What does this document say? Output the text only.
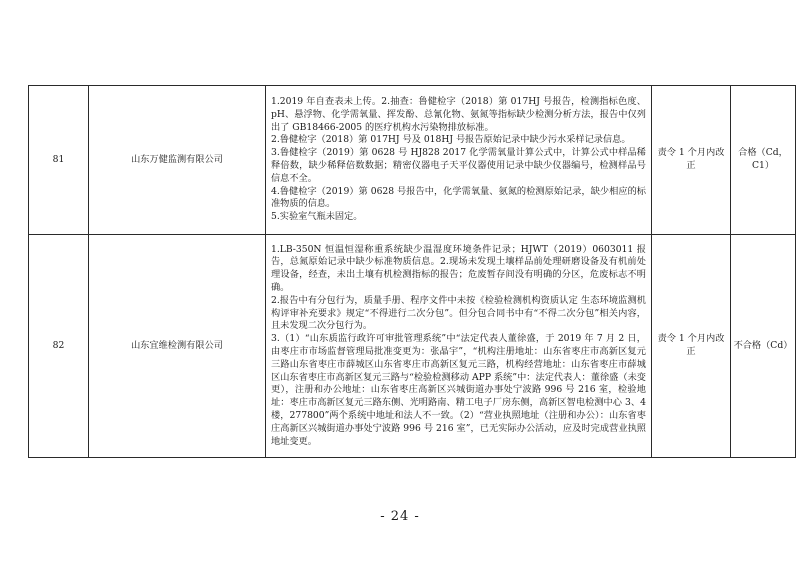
81	山东万健监测有限公司	1.2019 年自查表未上传。2.抽查：鲁健检字（2018）第 017HJ 号报告，检测指标色度、pH、悬浮物、化学需氧量、挥发酚、总氰化物、氨氮等指标缺少检测分析方法，报告中仅列出了 GB18466-2005 的医疗机构水污染物排放标准。
2.鲁健检字（2018）第 017HJ 号及 018HJ 号报告原始记录中缺少污水采样记录信息。
3.鲁健检字（2019）第 0628 号 HJ828 2017 化学需氧量计算公式中，计算公式中样品稀释倍数，缺少稀释倍数数据；精密仪器电子天平仪器使用记录中缺少仪器编号，检测样品号信息不全。
4.鲁健检字（2019）第 0628 号报告中，化学需氧量、氨氮的检测原始记录，缺少相应的标准物质的信息。
5.实验室气瓶未固定。	责令 1 个月内改正	合格（Cd，C1）
82	山东宜维检测有限公司	1.LB-350N 恒温恒湿称重系统缺少温湿度环境条件记录；HJWT（2019）0603011 报告，总氮原始记录中缺少标准物质信息。2.现场未发现土壤样品前处理研磨设备及有机前处理设备，经查，未出土壤有机检测指标的报告；危废暂存间没有明确的分区，危废标志不明确。
2.报告中有分包行为，质量手册、程序文件中未按《检验检测机构资质认定 生态环境监测机构评审补充要求》规定“不得进行二次分包”。但分包合同书中有“不得二次分包”相关内容，且未发现二次分包行为。
3.（1）“山东质监行政许可审批管理系统”中“法定代表人董徐盛，于 2019 年 7 月 2 日，由枣庄市市场监督管理局批准变更为：张晶宇”，“机构注册地址：山东省枣庄市高新区复元三路山东省枣庄市薛城区山东省枣庄市高新区复元三路，机构经营地址：山东省枣庄市薛城区山东省枣庄市高新区复元三路与“检验检测移动 APP 系统”中：法定代表人：董徐盛（未变更），注册和办公地址：山东省枣庄高新区兴城街道办事处宁波路 996 号 216 室，检验地址：枣庄市高新区复元三路东侧、光明路南、精工电子厂房东侧，高新区智电检测中心 3、4 楼，277800”两个系统中地址和法人不一致。（2）“营业执照地址（注册和办公）：山东省枣庄高新区兴城街道办事处宁波路 996 号 216 室”，已无实际办公活动，应及时完成营业执照地址变更。	责令 1 个月内改正	不合格（Cd）
- 24 -
